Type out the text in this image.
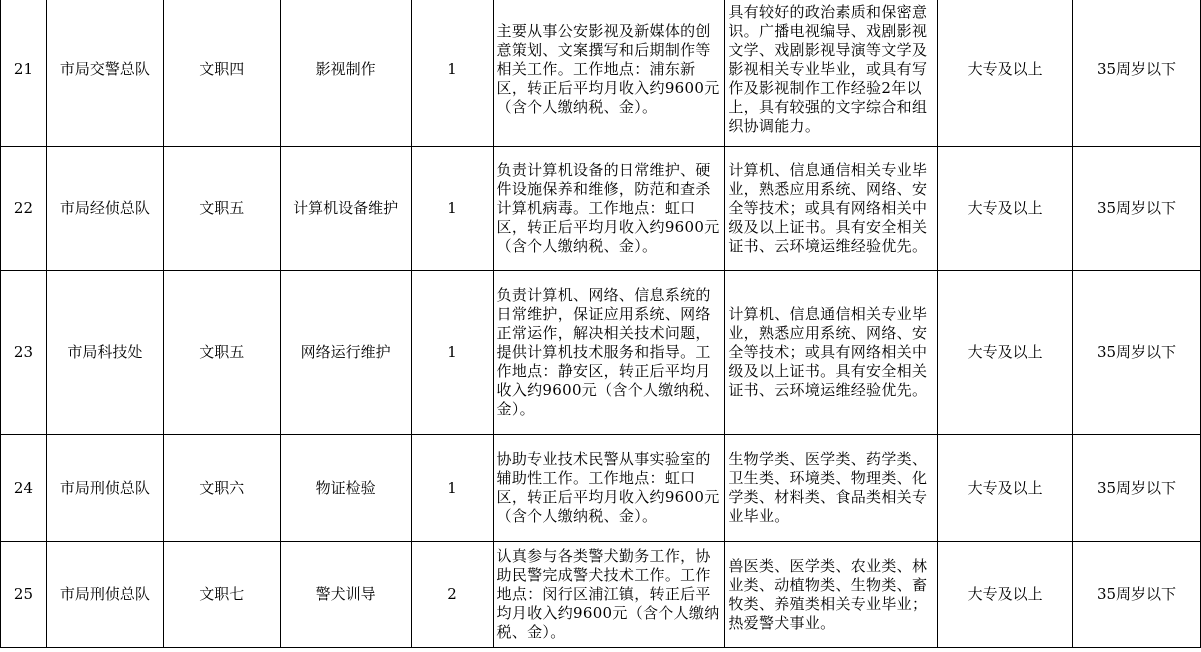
21	市局交警总队	文职四	影视制作	1	主要从事公安影视及新媒体的创意策划、文案撰写和后期制作等相关工作。工作地点：浦东新区，转正后平均月收入约9600元（含个人缴纳税、金）。	具有较好的政治素质和保密意识。广播电视编导、戏剧影视文学、戏剧影视导演等文学及影视相关专业毕业，或具有写作及影视制作工作经验2年以上，具有较强的文字综合和组织协调能力。	大专及以上	35周岁以下
22	市局经侦总队	文职五	计算机设备维护	1	负责计算机设备的日常维护、硬件设施保养和维修，防范和查杀计算机病毒。工作地点：虹口区，转正后平均月收入约9600元（含个人缴纳税、金）。	计算机、信息通信相关专业毕业，熟悉应用系统、网络、安全等技术；或具有网络相关中级及以上证书。具有安全相关证书、云环境运维经验优先。	大专及以上	35周岁以下
23	市局科技处	文职五	网络运行维护	1	负责计算机、网络、信息系统的日常维护，保证应用系统、网络正常运作，解决相关技术问题，提供计算机技术服务和指导。工作地点：静安区，转正后平均月收入约9600元（含个人缴纳税、金）。	计算机、信息通信相关专业毕业，熟悉应用系统、网络、安全等技术；或具有网络相关中级及以上证书。具有安全相关证书、云环境运维经验优先。	大专及以上	35周岁以下
24	市局刑侦总队	文职六	物证检验	1	协助专业技术民警从事实验室的辅助性工作。工作地点：虹口区，转正后平均月收入约9600元（含个人缴纳税、金）。	生物学类、医学类、药学类、卫生类、环境类、物理类、化学类、材料类、食品类相关专业毕业。	大专及以上	35周岁以下
25	市局刑侦总队	文职七	警犬训导	2	认真参与各类警犬勤务工作，协助民警完成警犬技术工作。工作地点：闵行区浦江镇，转正后平均月收入约9600元（含个人缴纳税、金）。	兽医类、医学类、农业类、林业类、动植物类、生物类、畜牧类、养殖类相关专业毕业；热爱警犬事业。	大专及以上	35周岁以下
